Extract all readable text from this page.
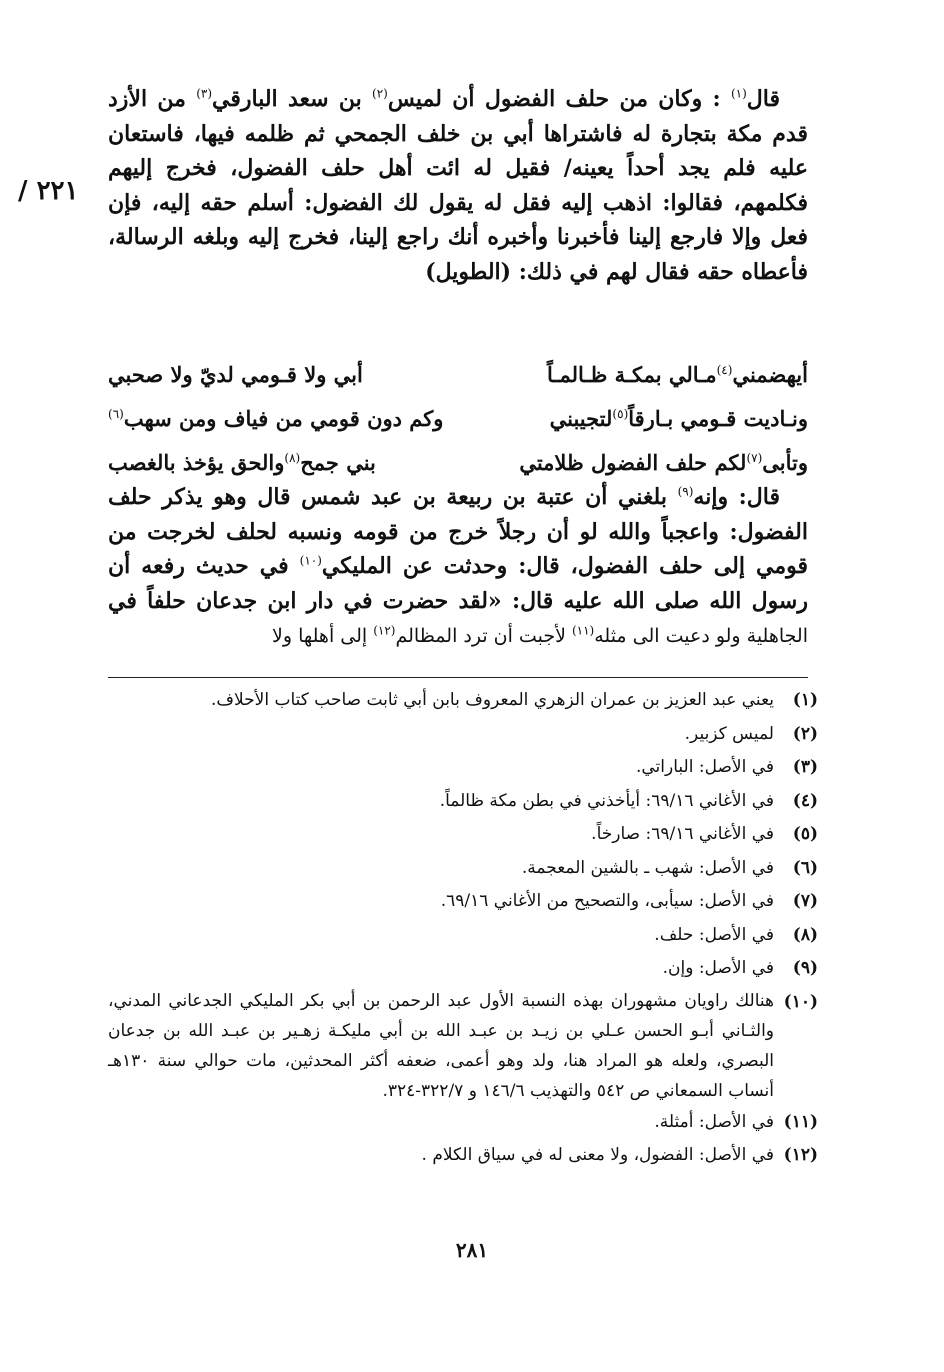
٢٢١ /

قال$^{(١)}$ : وكان من حلف الفضول أن لميس$^{(٢)}$ بن سعد البارقي$^{(٣)}$ من الأزد قدم مكة بتجارة له فاشتراها أبي بن خلف الجمحي ثم ظلمه فيها، فاستعان عليه فلم يجد أحداً يعينه/ فقيل له ائت أهل حلف الفضول، فخرج إليهم فكلمهم، فقالوا: اذهب إليه فقل له يقول لك الفضول: أسلم حقه إليه، فإن فعل وإلا فارجع إلينا فأخبرنا وأخبره أنك راجع إلينا، فخرج إليه وبلغه الرسالة، فأعطاه حقه فقال لهم في ذلك: (الطويل)

أيهضمني$^{(٤)}$مـالي بمكـة ظـالمـاً
أبي ولا قـومي لديّ ولا صحبي
ونـاديت قـومي بـارقاً$^{(٥)}$لتجيبني
وكم دون قومي من فياف ومن سهب$^{(٦)}$
وتأبى$^{(٧)}$لكم حلف الفضول ظلامتي
بني جمح$^{(٨)}$والحق يؤخذ بالغصب

قال: وإنه$^{(٩)}$ بلغني أن عتبة بن ربيعة بن عبد شمس قال وهو يذكر حلف الفضول: واعجباً والله لو أن رجلاً خرج من قومه ونسبه لحلف لخرجت من قومي إلى حلف الفضول، قال: وحدثت عن المليكي$^{(١٠)}$ في حديث رفعه أن رسول الله صلى الله عليه قال: «لقد حضرت في دار ابن جدعان حلفاً في الجاهلية ولو دعيت الى مثله$^{(١١)}$ لأجبت أن ترد المظالم$^{(١٢)}$ إلى أهلها ولا

(١)
يعني عبد العزيز بن عمران الزهري المعروف بابن أبي ثابت صاحب كتاب الأحلاف.
(٢)
لميس كزبير.
(٣)
في الأصل: الباراتي.
(٤)
في الأغاني ٦٩/١٦: أيأخذني في بطن مكة ظالماً.
(٥)
في الأغاني ٦٩/١٦: صارخاً.
(٦)
في الأصل: شهب ـ بالشين المعجمة.
(٧)
في الأصل: سيأبى، والتصحيح من الأغاني ٦٩/١٦.
(٨)
في الأصل: حلف.
(٩)
في الأصل: وإن.
(١٠)
هنالك راويان مشهوران بهذه النسبة الأول عبد الرحمن بن أبي بكر المليكي الجدعاني المدني، والثـاني أبـو الحسن عـلي بن زيـد بن عبـد الله بن أبي مليكـة زهـير بن عبـد الله بن جدعان البصري، ولعله هو المراد هنا، ولد وهو أعمى، ضعفه أكثر المحدثين، مات حوالي سنة ١٣٠هـ أنساب السمعاني ص ٥٤٢ والتهذيب ١٤٦/٦ و ٣٢٢/٧-٣٢٤.
(١١)
في الأصل: أمثلة.
(١٢)
في الأصل: الفضول، ولا معنى له في سياق الكلام .
٢٨١
